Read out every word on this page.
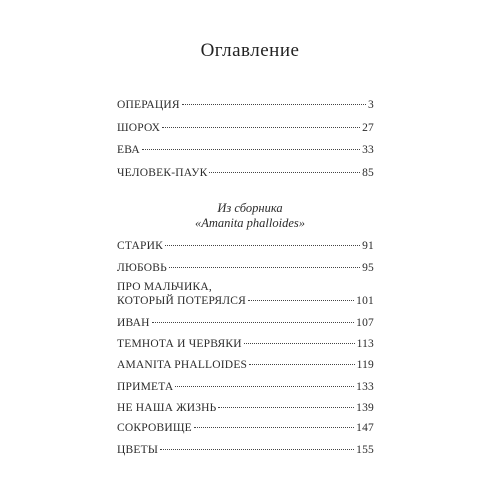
Оглавление
ОПЕРАЦИЯ	3
ШОРОХ	27
ЕВА	33
ЧЕЛОВЕК-ПАУК	85
Из сборника
«Amanita phalloides»
СТАРИК	91
ЛЮБОВЬ	95
ПРО МАЛЬЧИКА,
КОТОРЫЙ ПОТЕРЯЛСЯ	101
ИВАН	107
ТЕМНОТА И ЧЕРВЯКИ	113
AMANITA PHALLOIDES	119
ПРИМЕТА	133
НЕ НАША ЖИЗНЬ	139
СОКРОВИЩЕ	147
ЦВЕТЫ	155
